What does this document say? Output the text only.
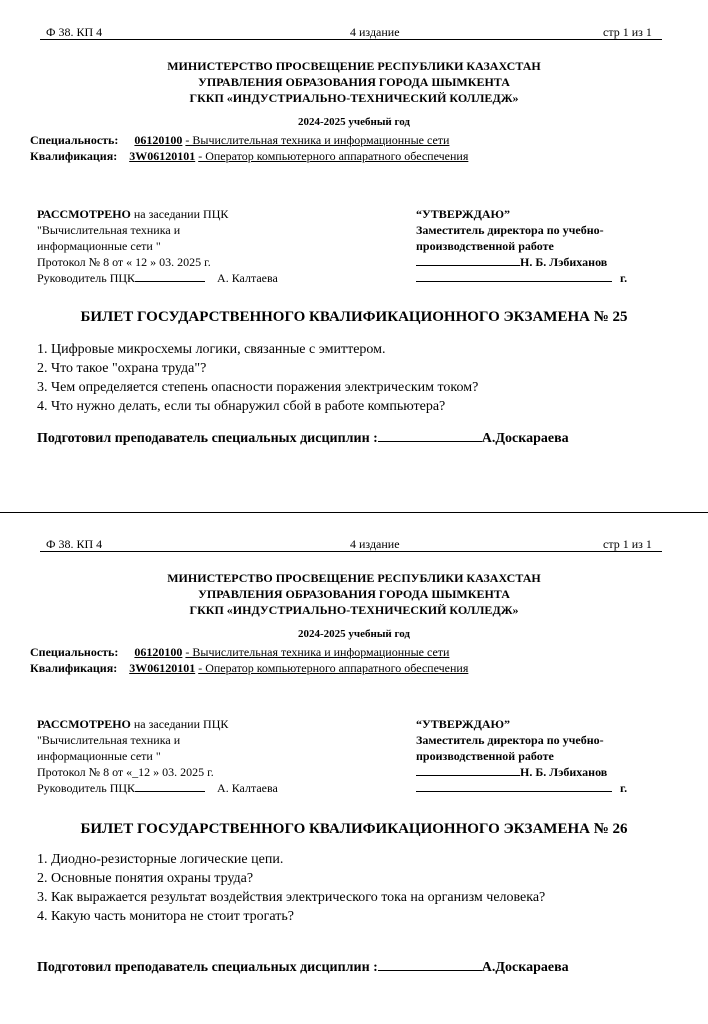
Ф 38. КП 4	4 издание	стр 1 из 1
МИНИСТЕРСТВО ПРОСВЕЩЕНИЕ РЕСПУБЛИКИ КАЗАХСТАН
УПРАВЛЕНИЯ ОБРАЗОВАНИЯ ГОРОДА ШЫМКЕНТА
ГККП «ИНДУСТРИАЛЬНО-ТЕХНИЧЕСКИЙ КОЛЛЕДЖ»
2024-2025 учебный год
Специальность: 06120100 - Вычислительная техника и информационные сети
Квалификация: 3W06120101 - Оператор компьютерного аппаратного обеспечения
РАССМОТРЕНО на заседании ПЦК
"Вычислительная техника и
информационные сети "
Протокол № 8 от « 12 » 03. 2025 г.
Руководитель ПЦК	А. Калтаева
“УТВЕРЖДАЮ”
Заместитель директора по учебно-
производственной работе
Н. Б. Лэбиханов
г.
БИЛЕТ ГОСУДАРСТВЕННОГО КВАЛИФИКАЦИОННОГО ЭКЗАМЕНА № 25
1. Цифровые микросхемы логики, связанные с эмиттером.
2. Что такое "охрана труда"?
3. Чем определяется степень опасности поражения электрическим током?
4. Что нужно делать, если ты обнаружил сбой в работе компьютера?
Подготовил преподаватель специальных дисциплин :	А.Доскараева
Ф 38. КП 4	4 издание	стр 1 из 1
МИНИСТЕРСТВО ПРОСВЕЩЕНИЕ РЕСПУБЛИКИ КАЗАХСТАН
УПРАВЛЕНИЯ ОБРАЗОВАНИЯ ГОРОДА ШЫМКЕНТА
ГККП «ИНДУСТРИАЛЬНО-ТЕХНИЧЕСКИЙ КОЛЛЕДЖ»
2024-2025 учебный год
Специальность: 06120100 - Вычислительная техника и информационные сети
Квалификация: 3W06120101 - Оператор компьютерного аппаратного обеспечения
РАССМОТРЕНО на заседании ПЦК
"Вычислительная техника и
информационные сети "
Протокол № 8 от «_12 » 03. 2025 г.
Руководитель ПЦК	А. Калтаева
“УТВЕРЖДАЮ”
Заместитель директора по учебно-
производственной работе
Н. Б. Лэбиханов
г.
БИЛЕТ ГОСУДАРСТВЕННОГО КВАЛИФИКАЦИОННОГО ЭКЗАМЕНА № 26
1. Диодно-резисторные логические цепи.
2. Основные понятия охраны труда?
3. Как выражается результат воздействия электрического тока на организм человека?
4. Какую часть монитора не стоит трогать?
Подготовил преподаватель специальных дисциплин :	А.Доскараева
